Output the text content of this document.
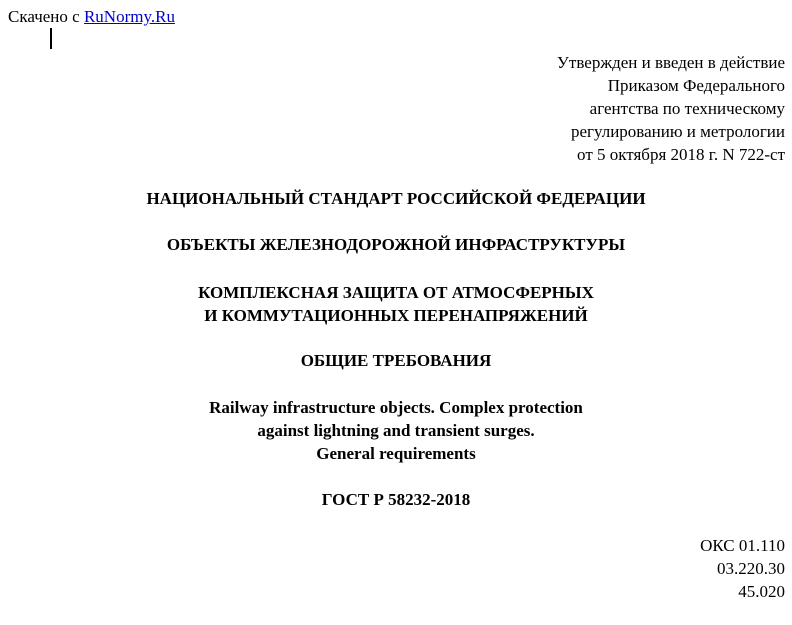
Скачено с RuNormy.Ru
Утвержден и введен в действие
Приказом Федерального
агентства по техническому
регулированию и метрологии
от 5 октября 2018 г. N 722-ст
НАЦИОНАЛЬНЫЙ СТАНДАРТ РОССИЙСКОЙ ФЕДЕРАЦИИ
ОБЪЕКТЫ ЖЕЛЕЗНОДОРОЖНОЙ ИНФРАСТРУКТУРЫ
КОМПЛЕКСНАЯ ЗАЩИТА ОТ АТМОСФЕРНЫХ
И КОММУТАЦИОННЫХ ПЕРЕНАПРЯЖЕНИЙ
ОБЩИЕ ТРЕБОВАНИЯ
Railway infrastructure objects. Complex protection
against lightning and transient surges.
General requirements
ГОСТ Р 58232-2018
ОКС 01.110
03.220.30
45.020
